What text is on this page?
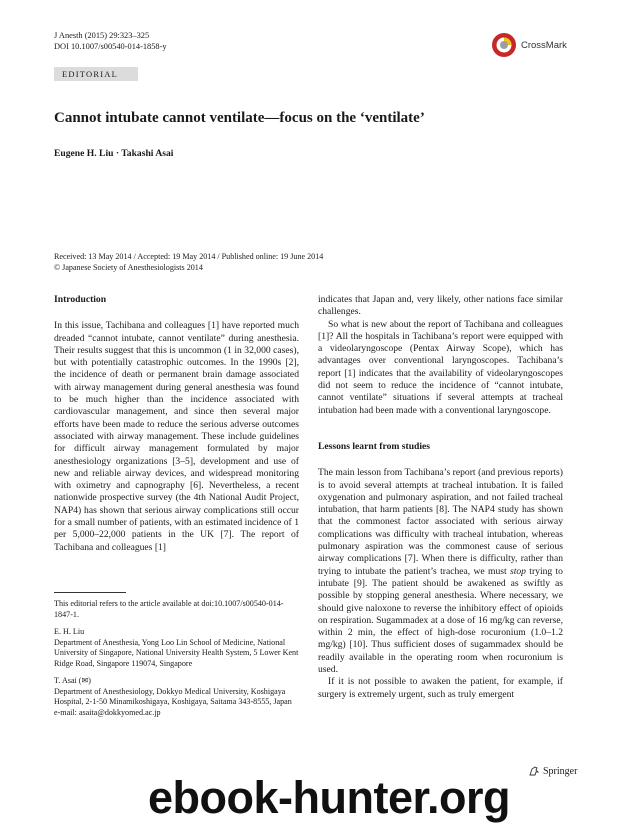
J Anesth (2015) 29:323–325
DOI 10.1007/s00540-014-1858-y	CrossMark
EDITORIAL
Cannot intubate cannot ventilate—focus on the ‘ventilate’
Eugene H. Liu · Takashi Asai
Received: 13 May 2014 / Accepted: 19 May 2014 / Published online: 19 June 2014
© Japanese Society of Anesthesiologists 2014
Introduction

In this issue, Tachibana and colleagues [1] have reported much dreaded “cannot intubate, cannot ventilate” during anesthesia. Their results suggest that this is uncommon (1 in 32,000 cases), but with potentially catastrophic outcomes. In the 1990s [2], the incidence of death or permanent brain damage associated with airway management during general anesthesia was found to be much higher than the incidence associated with cardiovascular management, and since then several major efforts have been made to reduce the serious adverse outcomes associated with airway management. These include guidelines for difficult airway management formulated by major anesthesiology organizations [3–5], development and use of new and reliable airway devices, and widespread monitoring with oximetry and capnography [6]. Nevertheless, a recent nationwide prospective survey (the 4th National Audit Project, NAP4) has shown that serious airway complications still occur for a small number of patients, with an estimated incidence of 1 per 5,000–22,000 patients in the UK [7]. The report of Tachibana and colleagues [1]

This editorial refers to the article available at doi:10.1007/s00540-014-1847-1.
E. H. Liu
Department of Anesthesia, Yong Loo Lin School of Medicine, National University of Singapore, National University Health System, 5 Lower Kent Ridge Road, Singapore 119074, Singapore
T. Asai (✉)
Department of Anesthesiology, Dokkyo Medical University, Koshigaya Hospital, 2-1-50 Minamikoshigaya, Koshigaya, Saitama 343-8555, Japan
e-mail: asaita@dokkyomed.ac.jp

indicates that Japan and, very likely, other nations face similar challenges.

So what is new about the report of Tachibana and colleagues [1]? All the hospitals in Tachibana’s report were equipped with a videolaryngoscope (Pentax Airway Scope), which has advantages over conventional laryngoscopes. Tachibana’s report [1] indicates that the availability of videolaryngoscopes did not seem to reduce the incidence of “cannot intubate, cannot ventilate” situations if several attempts at tracheal intubation had been made with a conventional laryngoscope.

Lessons learnt from studies

The main lesson from Tachibana’s report (and previous reports) is to avoid several attempts at tracheal intubation. It is failed oxygenation and pulmonary aspiration, and not failed tracheal intubation, that harm patients [8]. The NAP4 study has shown that the commonest factor associated with serious airway complications was difficulty with tracheal intubation, whereas pulmonary aspiration was the commonest cause of serious airway complications [7]. When there is difficulty, rather than trying to intubate the patient’s trachea, we must stop trying to intubate [9]. The patient should be awakened as swiftly as possible by stopping general anesthesia. Where necessary, we should give naloxone to reverse the inhibitory effect of opioids on respiration. Sugammadex at a dose of 16 mg/kg can reverse, within 2 min, the effect of high-dose rocuronium (1.0–1.2 mg/kg) [10]. Thus sufficient doses of sugammadex should be readily available in the operating room when rocuronium is used.

If it is not possible to awaken the patient, for example, if surgery is extremely urgent, such as truly emergent

Springer
ebook-hunter.org
